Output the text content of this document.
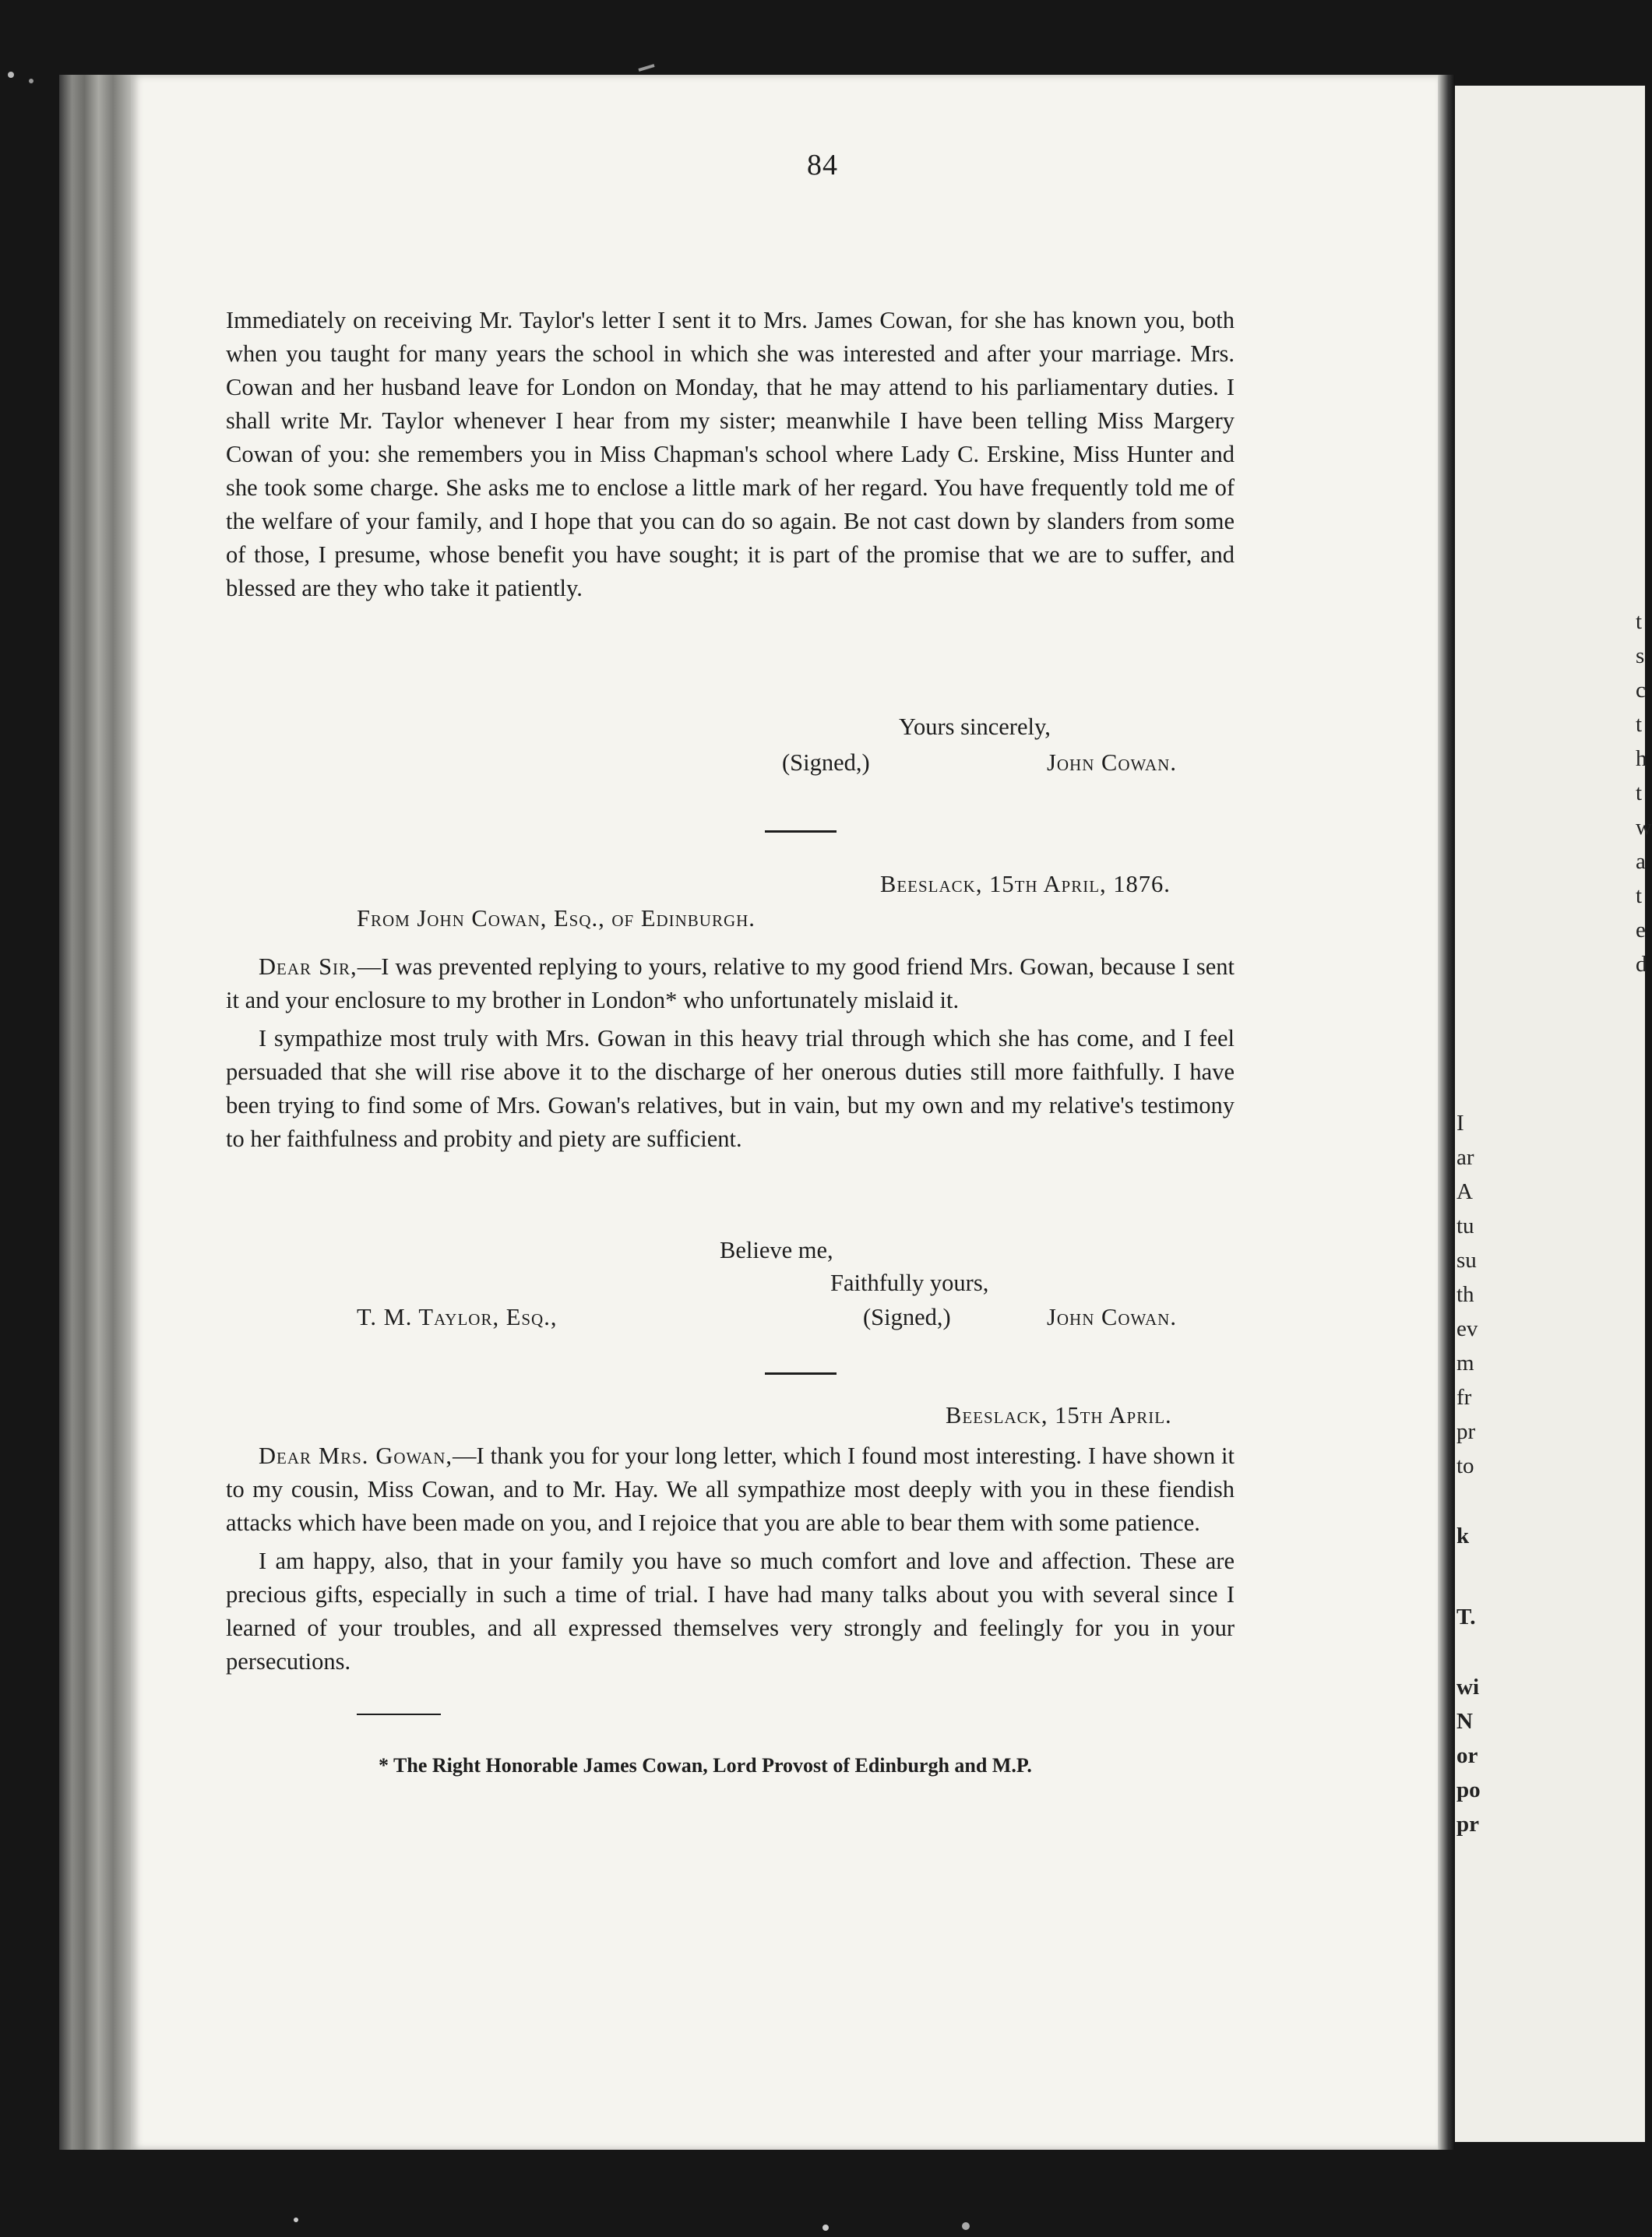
t
s
c
t
h
t
w
a
t
e
d
I
ar
A
tu
su
th
ev
m
fr
pr
to
k
T.
wi
N
or
po
pr
84

Immediately on receiving Mr. Taylor's letter I sent it to Mrs. James Cowan, for she has known you, both when you taught for many years the school in which she was interested and after your marriage. Mrs. Cowan and her husband leave for London on Monday, that he may attend to his parliamentary duties. I shall write Mr. Taylor whenever I hear from my sister; meanwhile I have been telling Miss Margery Cowan of you: she remembers you in Miss Chapman's school where Lady C. Erskine, Miss Hunter and she took some charge. She asks me to enclose a little mark of her regard. You have frequently told me of the welfare of your family, and I hope that you can do so again. Be not cast down by slanders from some of those, I presume, whose benefit you have sought; it is part of the promise that we are to suffer, and blessed are they who take it patiently.

Yours sincerely,
(Signed,)	John Cowan.
Beeslack, 15th April, 1876.
From John Cowan, Esq., of Edinburgh.

Dear Sir,—I was prevented replying to yours, relative to my good friend Mrs. Gowan, because I sent it and your enclosure to my brother in London* who unfortunately mislaid it.

I sympathize most truly with Mrs. Gowan in this heavy trial through which she has come, and I feel persuaded that she will rise above it to the discharge of her onerous duties still more faithfully. I have been trying to find some of Mrs. Gowan's relatives, but in vain, but my own and my relative's testimony to her faithfulness and probity and piety are sufficient.

Believe me,
Faithfully yours,
T. M. Taylor, Esq.,	(Signed,)	John Cowan.
Beeslack, 15th April.

Dear Mrs. Gowan,—I thank you for your long letter, which I found most interesting. I have shown it to my cousin, Miss Cowan, and to Mr. Hay. We all sympathize most deeply with you in these fiendish attacks which have been made on you, and I rejoice that you are able to bear them with some patience.

I am happy, also, that in your family you have so much comfort and love and affection. These are precious gifts, especially in such a time of trial. I have had many talks about you with several since I learned of your troubles, and all expressed themselves very strongly and feelingly for you in your persecutions.

* The Right Honorable James Cowan, Lord Provost of Edinburgh and M.P.
